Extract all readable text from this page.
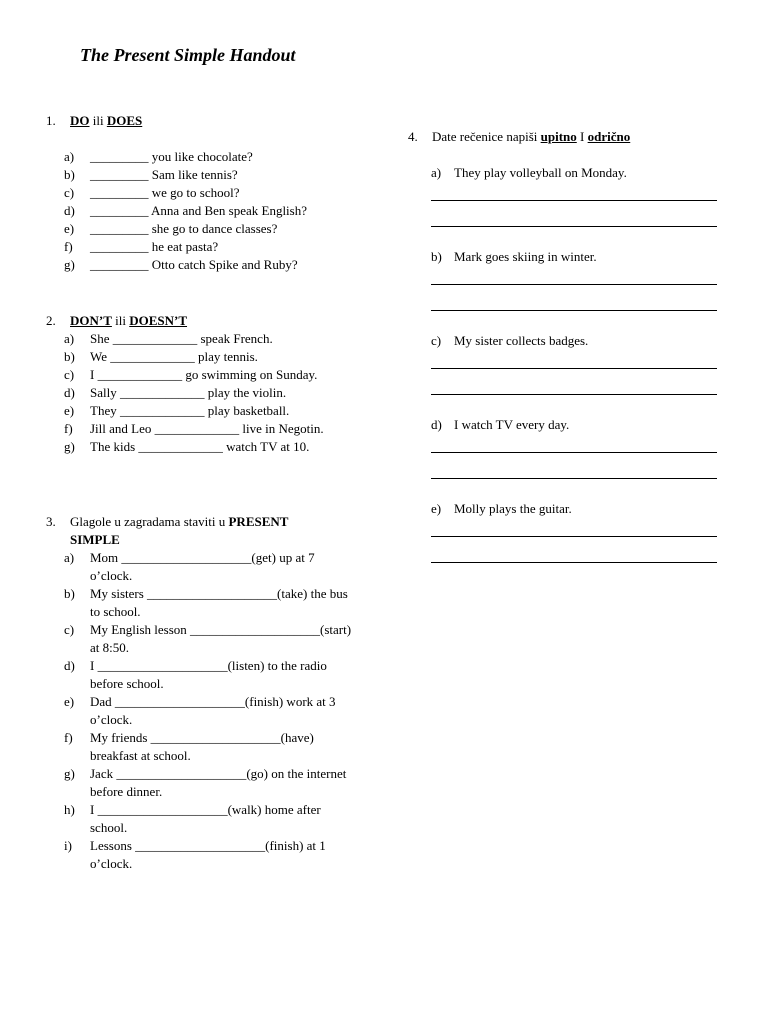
The Present Simple Handout
1. DO ili DOES
a) _________ you like chocolate?
b) _________ Sam like tennis?
c) _________ we go to school?
d) _________ Anna and Ben speak English?
e) _________ she go to dance classes?
f) _________ he eat pasta?
g) _________ Otto catch Spike and Ruby?
2. DON’T ili DOESN’T
a) She _____________ speak French.
b) We _____________ play tennis.
c) I _____________ go swimming on Sunday.
d) Sally _____________ play the violin.
e) They _____________ play basketball.
f) Jill and Leo _____________ live in Negotin.
g) The kids _____________ watch TV at 10.
3. Glagole u zagradama staviti u PRESENT SIMPLE
a) Mom ____________________(get) up at 7 o’clock.
b) My sisters ____________________(take) the bus to school.
c) My English lesson ____________________(start) at 8:50.
d) I ____________________(listen) to the radio before school.
e) Dad ____________________(finish) work at 3 o’clock.
f) My friends ____________________(have) breakfast at school.
g) Jack ____________________(go) on the internet before dinner.
h) I ____________________(walk) home after school.
i) Lessons ____________________(finish) at 1 o’clock.
4. Date rečenice napiši upitno I odrično
a) They play volleyball on Monday.
b) Mark goes skiing in winter.
c) My sister collects badges.
d) I watch TV every day.
e) Molly plays the guitar.
